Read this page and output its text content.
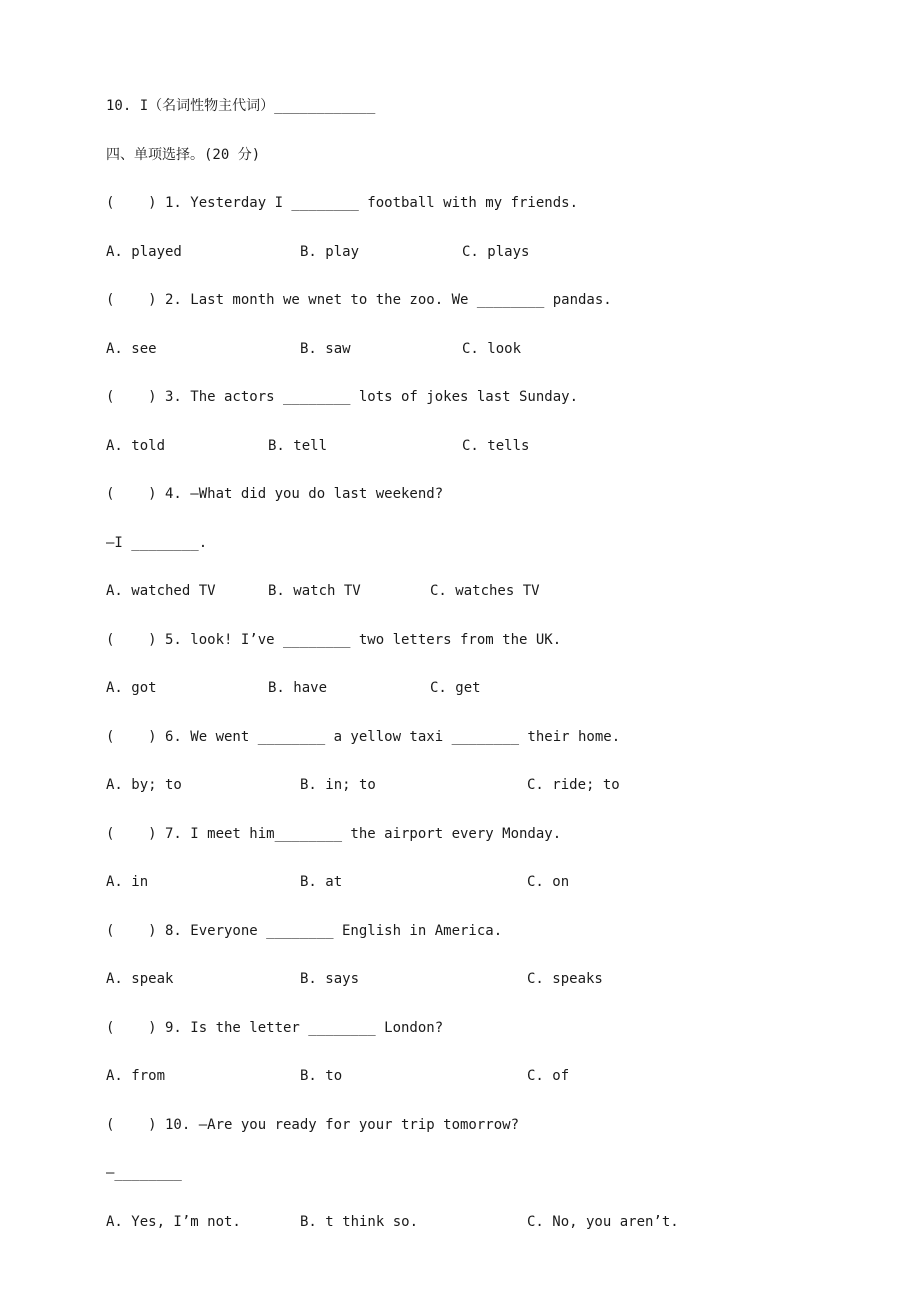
10. I（名词性物主代词）____________
四、单项选择。(20 分)
(    ) 1. Yesterday I ________ football with my friends.
A. played	B. play	C. plays
(    ) 2. Last month we wnet to the zoo. We ________ pandas.
A. see	B. saw	C. look
(    ) 3. The actors ________ lots of jokes last Sunday.
A. told	B. tell	C. tells
(    ) 4. —What did you do last weekend?
—I ________.
A. watched TV	B. watch TV	C. watches TV
(    ) 5. look! I’ve ________ two letters from the UK.
A. got	B. have	C. get
(    ) 6. We went ________ a yellow taxi ________ their home.
A. by; to	B. in; to	C. ride; to
(    ) 7. I meet him________ the airport every Monday.
A. in	B. at	C. on
(    ) 8. Everyone ________ English in America.
A. speak	B. says	C. speaks
(    ) 9. Is the letter ________ London?
A. from	B. to	C. of
(    ) 10. —Are you ready for your trip tomorrow?
—________
A. Yes, I’m not.	B. t think so.	C. No, you aren’t.
